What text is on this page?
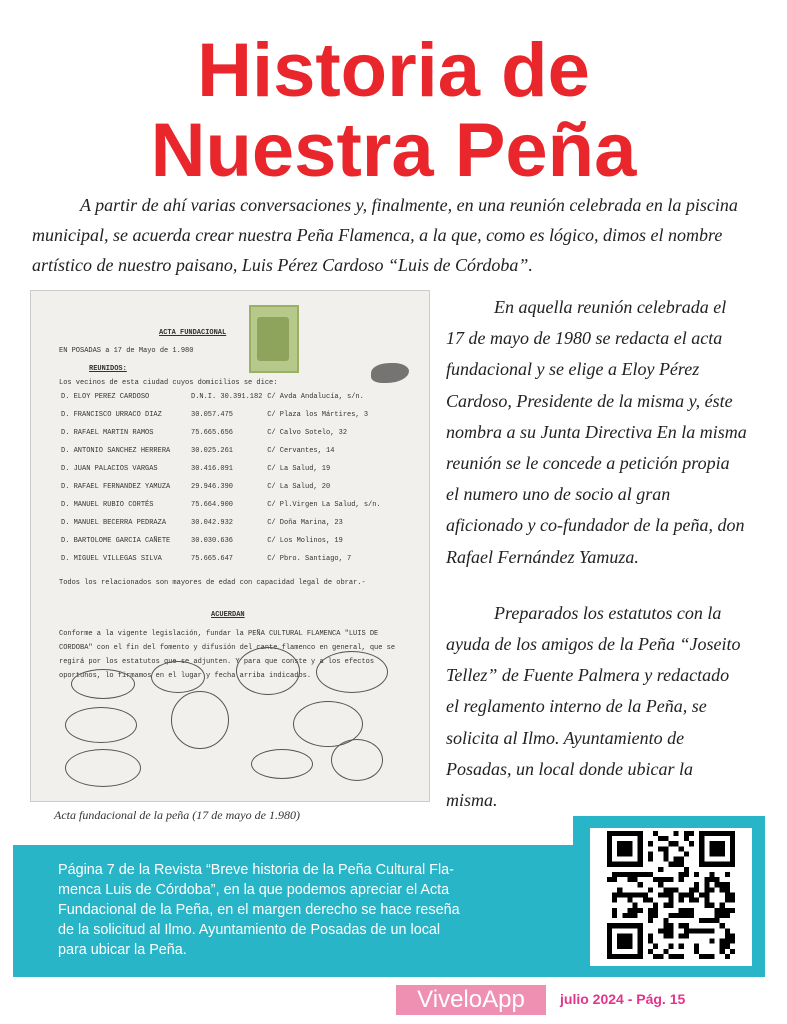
Historia de
Nuestra Peña
A partir de ahí varias conversaciones y, finalmente, en una reunión celebrada en la piscina
municipal, se acuerda crear nuestra Peña Flamenca, a la que, como es lógico, dimos el nombre
artístico de nuestro paisano, Luis Pérez Cardoso “Luis de Córdoba”.
ACTA FUNDACIONAL
EN POSADAS a 17 de Mayo de 1.980
REUNIDOS:
Los vecinos de esta ciudad cuyos domicilios se dice:
D. ELOY PEREZ CARDOSO	D.N.I. 30.391.182 C/ Avda Andalucía, s/n.
D. FRANCISCO URRACO DIAZ	30.057.475	C/ Plaza los Mártires, 3
D. RAFAEL MARTIN RAMOS	75.665.656	C/ Calvo Sotelo, 32
D. ANTONIO SANCHEZ HERRERA	30.025.261	C/ Cervantes, 14
D. JUAN PALACIOS VARGAS	30.416.091	C/ La Salud, 19
D. RAFAEL FERNANDEZ YAMUZA	29.946.390	C/ La Salud, 20
D. MANUEL RUBIO CORTÉS	75.664.900	C/ Pl.Virgen La Salud, s/n.
D. MANUEL BECERRA PEDRAZA	30.042.932	C/ Doña Marina, 23
D. BARTOLOME GARCIA CAÑETE	30.030.636	C/ Los Molinos, 19
D. MIGUEL VILLEGAS SILVA	75.665.647	C/ Pbro. Santiago, 7
Todos los relacionados son mayores de edad con capacidad legal de obrar.-
ACUERDAN
Conforme a la vigente legislación, fundar la PEÑA CULTURAL FLAMENCA "LUIS DE CORDOBA" con el fin del fomento y difusión del cante flamenco en general, que se regirá por los estatutos que se adjunten. Y para que conste y a los efectos oportunos, lo firmamos en el lugar y fecha arriba indicados.
Acta fundacional de la peña (17 de mayo de 1.980)
En aquella reunión celebrada el
17 de mayo de 1980 se redacta el acta
fundacional y se elige a Eloy Pérez
Cardoso, Presidente de la misma y, éste
nombra a su Junta Directiva En la misma
reunión se le concede a petición propia
el numero uno de socio al gran
aficionado y co-fundador de la peña, don
Rafael Fernández Yamuza.
Preparados los estatutos con la
ayuda de los amigos de la Peña “Joseito
Tellez” de Fuente Palmera y redactado
el reglamento interno de la Peña, se
solicita al Ilmo. Ayuntamiento de
Posadas, un local donde ubicar la
misma.
Página 7 de la Revista “Breve historia de la Peña Cultural Fla-
menca Luis de Córdoba”, en la que podemos apreciar el Acta
Fundacional de la Peña, en el margen derecho se hace reseña
de la solicitud al Ilmo. Ayuntamiento de Posadas de un local
para ubicar la Peña.
ViveloApp	julio 2024 - Pág. 15
